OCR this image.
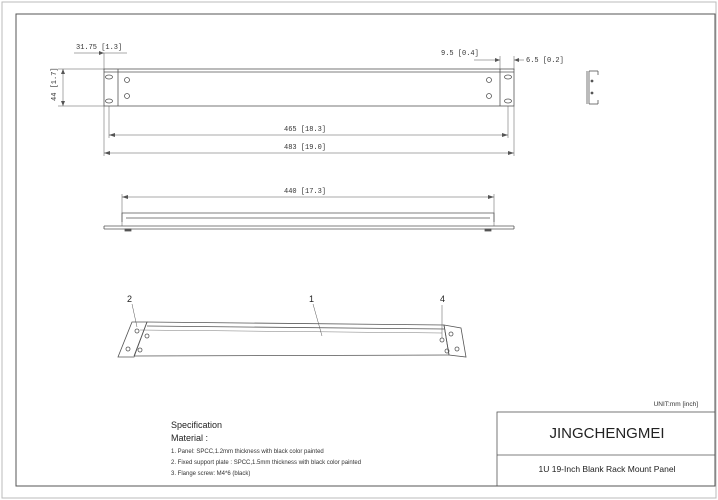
31.75 [1.3]
44 [1.7]
9.5 [0.4]
6.5 [0.2]
465 [18.3]
483 [19.0]
440 [17.3]
2	1	4
Specification
Material :
1. Panel: SPCC,1.2mm thickness with black color painted
2. Fixed support plate : SPCC,1.5mm thickness with black color painted
3. Flange screw: M4*6 (black)
UNIT:mm [inch]
JINGCHENGMEI
1U 19-Inch Blank Rack Mount Panel
